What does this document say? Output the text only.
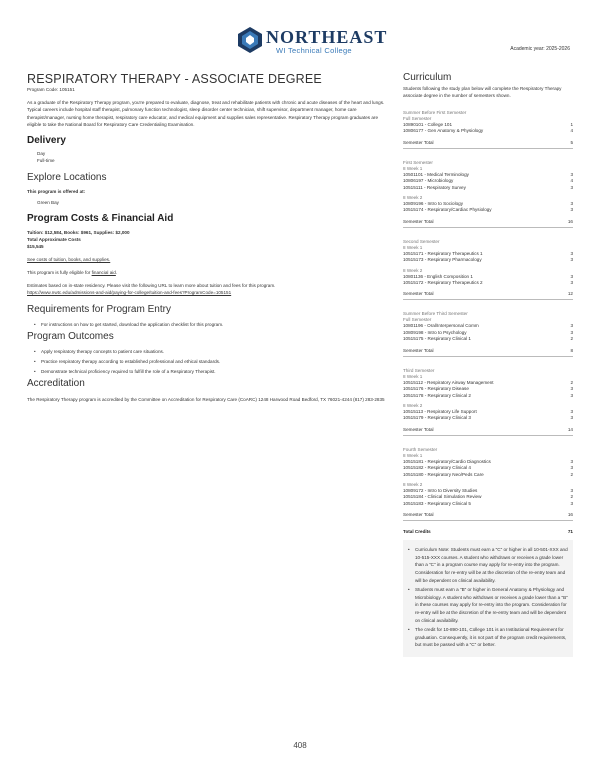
NORTHEAST
WI Technical College	Academic year: 2025-2026
RESPIRATORY THERAPY - ASSOCIATE DEGREE
Program Code: 105151

As a graduate of the Respiratory Therapy program, you're prepared to evaluate, diagnose, treat and rehabilitate patients with chronic and acute diseases of the heart and lungs. Typical careers include hospital staff therapist, pulmonary function technologist, sleep disorder center technician, shift supervisor, department manager, home care therapist/manager, nursing home therapist, respiratory care educator, and medical equipment and supplies sales representative. Respiratory Therapy program graduates are eligible to take the National Board for Respiratory Care Credentialing Examination.

Delivery
Day
Full-time
Explore Locations
This program is offered at:
Green Bay
Program Costs & Financial Aid
Tuition: $12,584, Books: $961, Supplies: $2,000
Total Approximate Costs
$15,545
See costs of tuition, books, and supplies.
This program is fully eligible for financial aid.
Estimates based on in-state residency. Please visit the following URL to learn more about tuition and fees for this program.
https://www.nwtc.edu/admissions-and-aid/paying-for-college/tuition-and-fees?ProgramCode=105151
Requirements for Program Entry
• For instructions on how to get started, download the application checklist for this program.
Program Outcomes
• Apply respiratory therapy concepts to patient care situations.
• Practice respiratory therapy according to established professional and ethical standards.
• Demonstrate technical proficiency required to fulfill the role of a Respiratory Therapist.
Accreditation
The Respiratory Therapy program is accredited by the Committee on Accreditation for Respiratory Care (CoARC) 1248 Harwood Road Bedford, TX 76021-4244 (817) 283-2835
Curriculum
Students following the study plan below will complete the Respiratory Therapy associate degree in the number of semesters shown.
Summer Before First Semester
Full Semester
10890101 - College 101	1
10806177 - Gen Anatomy & Physiology	4
Semester Total	5
First Semester
8 Week 1
10501101 - Medical Terminology	3
10806197 - Microbiology	4
10515111 - Respiratory Survey	3
8 Week 2
10809196 - Intro to Sociology	3
10515174 - Respiratory/Cardiac Physiology	3
Semester Total	16
Second Semester
8 Week 1
10515171 - Respiratory Therapeutics 1	3
10515173 - Respiratory Pharmacology	3
8 Week 2
10801136 - English Composition 1	3
10515172 - Respiratory Therapeutics 2	3
Semester Total	12
Summer Before Third Semester
Full Semester
10801196 - Oral/Interpersonal Comm	3
10809198 - Intro to Psychology	3
10515175 - Respiratory Clinical 1	2
Semester Total	8
Third Semester
8 Week 1
10515112 - Respiratory Airway Management	2
10515176 - Respiratory Disease	3
10515178 - Respiratory Clinical 2	3
8 Week 2
10515113 - Respiratory Life Support	3
10515179 - Respiratory Clinical 3	3
Semester Total	14
Fourth Semester
8 Week 1
10515181 - Respiratory/Cardio Diagnostics	3
10515182 - Respiratory Clinical 4	3
10515180 - Respiratory Neo/Peds Care	2
8 Week 2
10809172 - Intro to Diversity Studies	3
10515184 - Clinical Simulation Review	2
10515183 - Respiratory Clinical 5	3
Semester Total	16
Total Credits	71
• Curriculum Note: Students must earn a "C" or higher in all 10-501-XXX and 10-515-XXX courses. A student who withdraws or receives a grade lower than a "C" in a program course may apply for re-entry into the program. Consideration for re-entry will be at the discretion of the re-entry team and will be dependent on clinical availability.
• Students must earn a "B" or higher in General Anatomy & Physiology and Microbiology. A student who withdraws or receives a grade lower than a "B" in these courses may apply for re-entry into the program. Consideration for re-entry will be at the discretion of the re-entry team and will be dependent on clinical availability.
• The credit for 10-890-101, College 101 is an Institutional Requirement for graduation. Consequently, it is not part of the program credit requirements, but must be passed with a "C" or better.
408
